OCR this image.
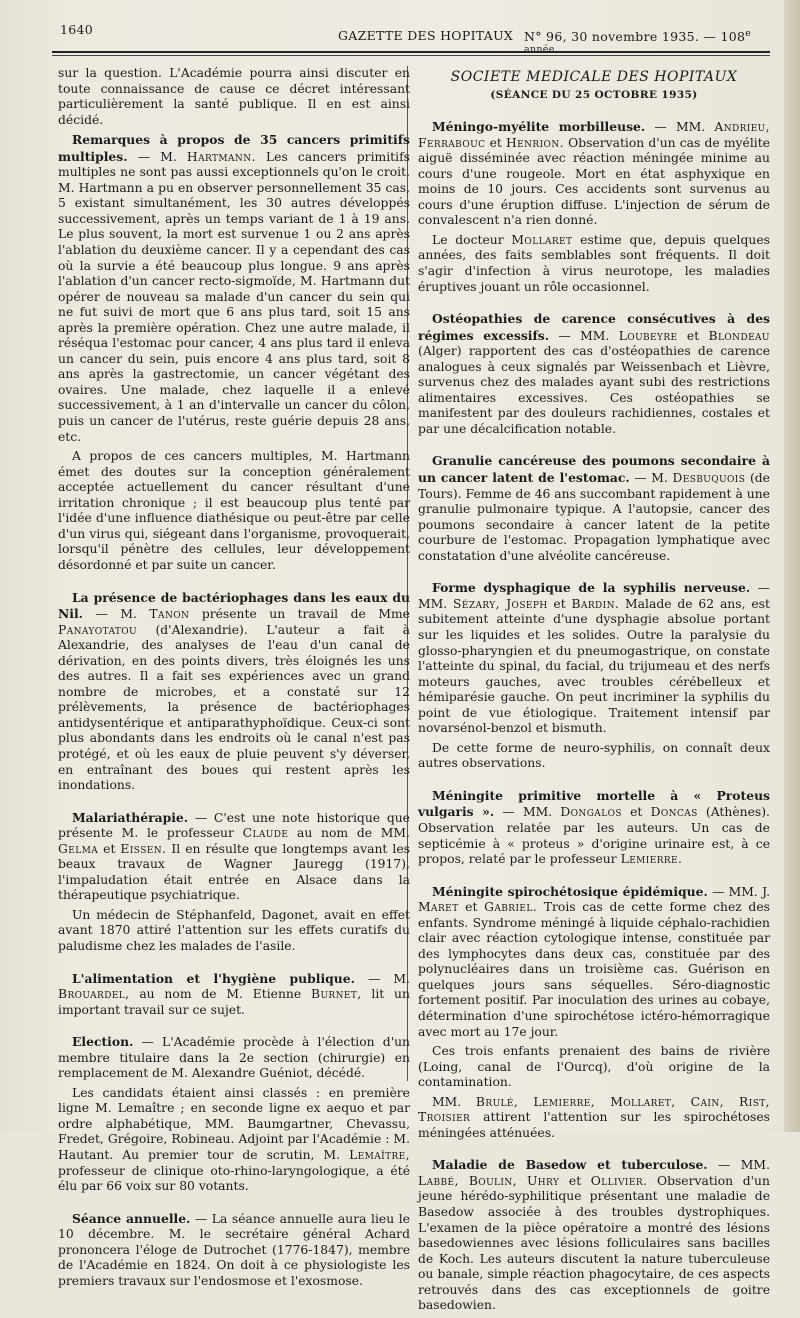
1640	GAZETTE DES HOPITAUX N° 96, 30 novembre 1935. — $108^{e année.}$

sur la question. L'Académie pourra ainsi discuter en toute connaissance de cause ce décret intéressant particulièrement la santé publique. Il en est ainsi décidé.

Remarques à propos de 35 cancers primitifs multiples. — M. Hartmann. Les cancers primitifs multiples ne sont pas aussi exceptionnels qu'on le croit. M. Hartmann a pu en observer personnellement 35 cas, 5 existant simultanément, les 30 autres développés successivement, après un temps variant de 1 à 19 ans. Le plus souvent, la mort est survenue 1 ou 2 ans après l'ablation du deuxième cancer. Il y a cependant des cas où la survie a été beaucoup plus longue. 9 ans après l'ablation d'un cancer recto-sigmoïde, M. Hartmann dut opérer de nouveau sa malade d'un cancer du sein qui ne fut suivi de mort que 6 ans plus tard, soit 15 ans après la première opération. Chez une autre malade, il réséqua l'estomac pour cancer, 4 ans plus tard il enleva un cancer du sein, puis encore 4 ans plus tard, soit 8 ans après la gastrectomie, un cancer végétant des ovaires. Une malade, chez laquelle il a enlevé successivement, à 1 an d'intervalle un cancer du côlon, puis un cancer de l'utérus, reste guérie depuis 28 ans, etc.

A propos de ces cancers multiples, M. Hartmann émet des doutes sur la conception généralement acceptée actuellement du cancer résultant d'une irritation chronique ; il est beaucoup plus tenté par l'idée d'une influence diathésique ou peut-être par celle d'un virus qui, siégeant dans l'organisme, provoquerait, lorsqu'il pénètre des cellules, leur développement désordonné et par suite un cancer.

La présence de bactériophages dans les eaux du Nil. — M. Tanon présente un travail de Mme Panayotatou (d'Alexandrie). L'auteur a fait à Alexandrie, des analyses de l'eau d'un canal de dérivation, en des points divers, très éloignés les uns des autres. Il a fait ses expériences avec un grand nombre de microbes, et a constaté sur 12 prélèvements, la présence de bactériophages antidysentérique et antiparathyphoïdique. Ceux-ci sont plus abondants dans les endroits où le canal n'est pas protégé, et où les eaux de pluie peuvent s'y déverser, en entraînant des boues qui restent après les inondations.

Malariathérapie. — C'est une note historique que présente M. le professeur Claude au nom de MM. Gelma et Eissen. Il en résulte que longtemps avant les beaux travaux de Wagner Jauregg (1917), l'impaludation était entrée en Alsace dans la thérapeutique psychiatrique.

Un médecin de Stéphanfeld, Dagonet, avait en effet avant 1870 attiré l'attention sur les effets curatifs du paludisme chez les malades de l'asile.

L'alimentation et l'hygiène publique. — M. Brouardel, au nom de M. Etienne Burnet, lit un important travail sur ce sujet.

Election. — L'Académie procède à l'élection d'un membre titulaire dans la 2e section (chirurgie) en remplacement de M. Alexandre Guéniot, décédé.

Les candidats étaient ainsi classés : en première ligne M. Lemaître ; en seconde ligne ex aequo et par ordre alphabétique, MM. Baumgartner, Chevassu, Fredet, Grégoire, Robineau. Adjoint par l'Académie : M. Hautant. Au premier tour de scrutin, M. Lemaître, professeur de clinique oto-rhino-laryngologique, a été élu par 66 voix sur 80 votants.

Séance annuelle. — La séance annuelle aura lieu le 10 décembre. M. le secrétaire général Achard prononcera l'éloge de Dutrochet (1776-1847), membre de l'Académie en 1824. On doit à ce physiologiste les premiers travaux sur l'endosmose et l'exosmose.

SOCIETE MEDICALE DES HOPITAUX
(SÉANCE DU 25 OCTOBRE 1935)

Méningo-myélite morbilleuse. — MM. Andrieu, Ferrabouc et Henrion. Observation d'un cas de myélite aiguë disséminée avec réaction méningée minime au cours d'une rougeole. Mort en état asphyxique en moins de 10 jours. Ces accidents sont survenus au cours d'une éruption diffuse. L'injection de sérum de convalescent n'a rien donné.

Le docteur Mollaret estime que, depuis quelques années, des faits semblables sont fréquents. Il doit s'agir d'infection à virus neurotope, les maladies éruptives jouant un rôle occasionnel.

Ostéopathies de carence consécutives à des régimes excessifs. — MM. Loubeyre et Blondeau (Alger) rapportent des cas d'ostéopathies de carence analogues à ceux signalés par Weissenbach et Lièvre, survenus chez des malades ayant subi des restrictions alimentaires excessives. Ces ostéopathies se manifestent par des douleurs rachidiennes, costales et par une décalcification notable.

Granulie cancéreuse des poumons secondaire à un cancer latent de l'estomac. — M. Desbuquois (de Tours). Femme de 46 ans succombant rapidement à une granulie pulmonaire typique. A l'autopsie, cancer des poumons secondaire à cancer latent de la petite courbure de l'estomac. Propagation lymphatique avec constatation d'une alvéolite cancéreuse.

Forme dysphagique de la syphilis nerveuse. — MM. Sézary, Joseph et Bardin. Malade de 62 ans, est subitement atteinte d'une dysphagie absolue portant sur les liquides et les solides. Outre la paralysie du glosso-pharyngien et du pneumogastrique, on constate l'atteinte du spinal, du facial, du trijumeau et des nerfs moteurs gauches, avec troubles cérébelleux et hémiparésie gauche. On peut incriminer la syphilis du point de vue étiologique. Traitement intensif par novarsénol-benzol et bismuth.

De cette forme de neuro-syphilis, on connaît deux autres observations.

Méningite primitive mortelle à « Proteus vulgaris ». — MM. Dongalos et Doncas (Athènes). Observation relatée par les auteurs. Un cas de septicémie à « proteus » d'origine urinaire est, à ce propos, relaté par le professeur Lemierre.

Méningite spirochétosique épidémique. — MM. J. Maret et Gabriel. Trois cas de cette forme chez des enfants. Syndrome méningé à liquide céphalo-rachidien clair avec réaction cytologique intense, constituée par des lymphocytes dans deux cas, constituée par des polynucléaires dans un troisième cas. Guérison en quelques jours sans séquelles. Séro-diagnostic fortement positif. Par inoculation des urines au cobaye, détermination d'une spirochétose ictéro-hémorragique avec mort au 17e jour.

Ces trois enfants prenaient des bains de rivière (Loing, canal de l'Ourcq), d'où origine de la contamination.

MM. Brulé, Lemierre, Mollaret, Cain, Rist, Troisier attirent l'attention sur les spirochétoses méningées atténuées.

Maladie de Basedow et tuberculose. — MM. Labbé, Boulin, Uhry et Ollivier. Observation d'un jeune hérédo-syphilitique présentant une maladie de Basedow associée à des troubles dystrophiques. L'examen de la pièce opératoire a montré des lésions basedowiennes avec lésions folliculaires sans bacilles de Koch. Les auteurs discutent la nature tuberculeuse ou banale, simple réaction phagocytaire, de ces aspects retrouvés dans des cas exceptionnels de goitre basedowien.
